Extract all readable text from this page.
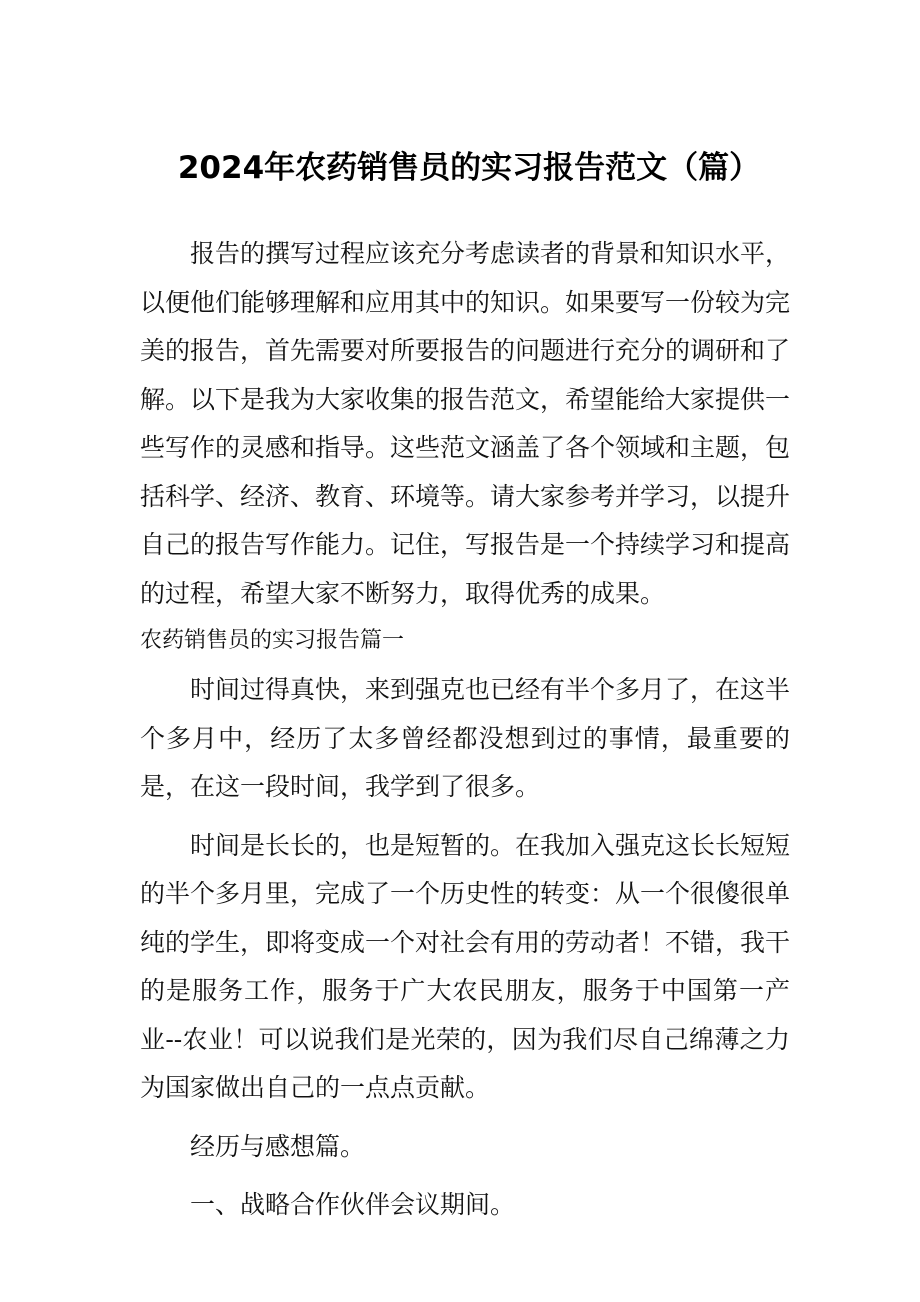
2024年农药销售员的实习报告范文（篇）

报告的撰写过程应该充分考虑读者的背景和知识水平，以便他们能够理解和应用其中的知识。如果要写一份较为完美的报告，首先需要对所要报告的问题进行充分的调研和了解。以下是我为大家收集的报告范文，希望能给大家提供一些写作的灵感和指导。这些范文涵盖了各个领域和主题，包括科学、经济、教育、环境等。请大家参考并学习，以提升自己的报告写作能力。记住，写报告是一个持续学习和提高的过程，希望大家不断努力，取得优秀的成果。

农药销售员的实习报告篇一

时间过得真快，来到强克也已经有半个多月了，在这半个多月中，经历了太多曾经都没想到过的事情，最重要的是，在这一段时间，我学到了很多。

时间是长长的，也是短暂的。在我加入强克这长长短短的半个多月里，完成了一个历史性的转变：从一个很傻很单纯的学生，即将变成一个对社会有用的劳动者！不错，我干的是服务工作，服务于广大农民朋友，服务于中国第一产业--农业！可以说我们是光荣的，因为我们尽自己绵薄之力为国家做出自己的一点点贡献。

经历与感想篇。

一、战略合作伙伴会议期间。
